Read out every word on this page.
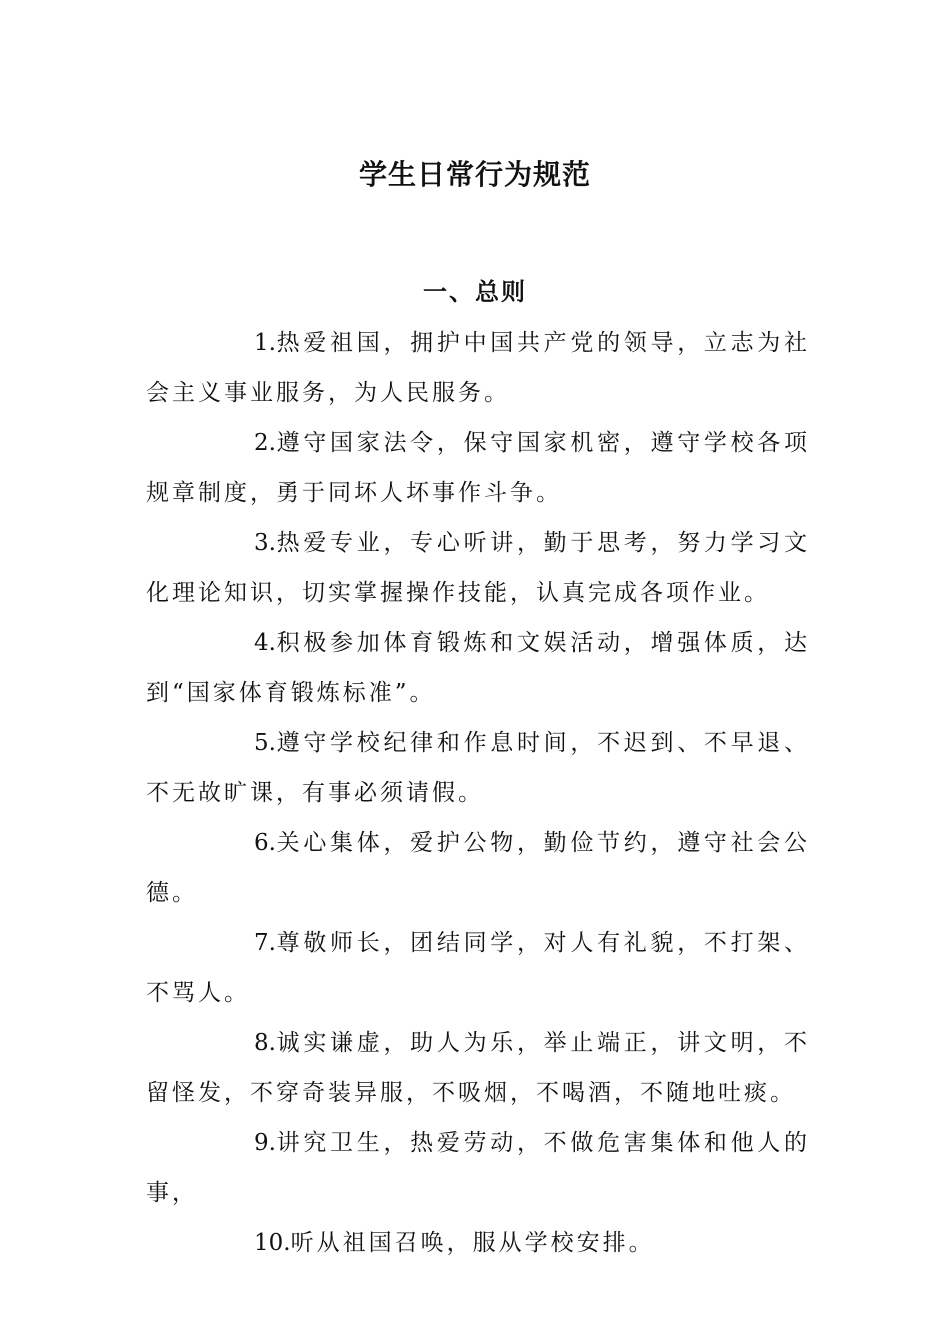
学生日常行为规范
一、总则

1.热爱祖国，拥护中国共产党的领导，立志为社会主义事业服务，为人民服务。

2.遵守国家法令，保守国家机密，遵守学校各项规章制度，勇于同坏人坏事作斗争。

3.热爱专业，专心听讲，勤于思考，努力学习文化理论知识，切实掌握操作技能，认真完成各项作业。

4.积极参加体育锻炼和文娱活动，增强体质，达到“国家体育锻炼标准”。

5.遵守学校纪律和作息时间，不迟到、不早退、不无故旷课，有事必须请假。

6.关心集体，爱护公物，勤俭节约，遵守社会公德。

7.尊敬师长，团结同学，对人有礼貌，不打架、不骂人。

8.诚实谦虚，助人为乐，举止端正，讲文明，不留怪发，不穿奇装异服，不吸烟，不喝酒，不随地吐痰。

9.讲究卫生，热爱劳动，不做危害集体和他人的事，

10.听从祖国召唤，服从学校安排。
